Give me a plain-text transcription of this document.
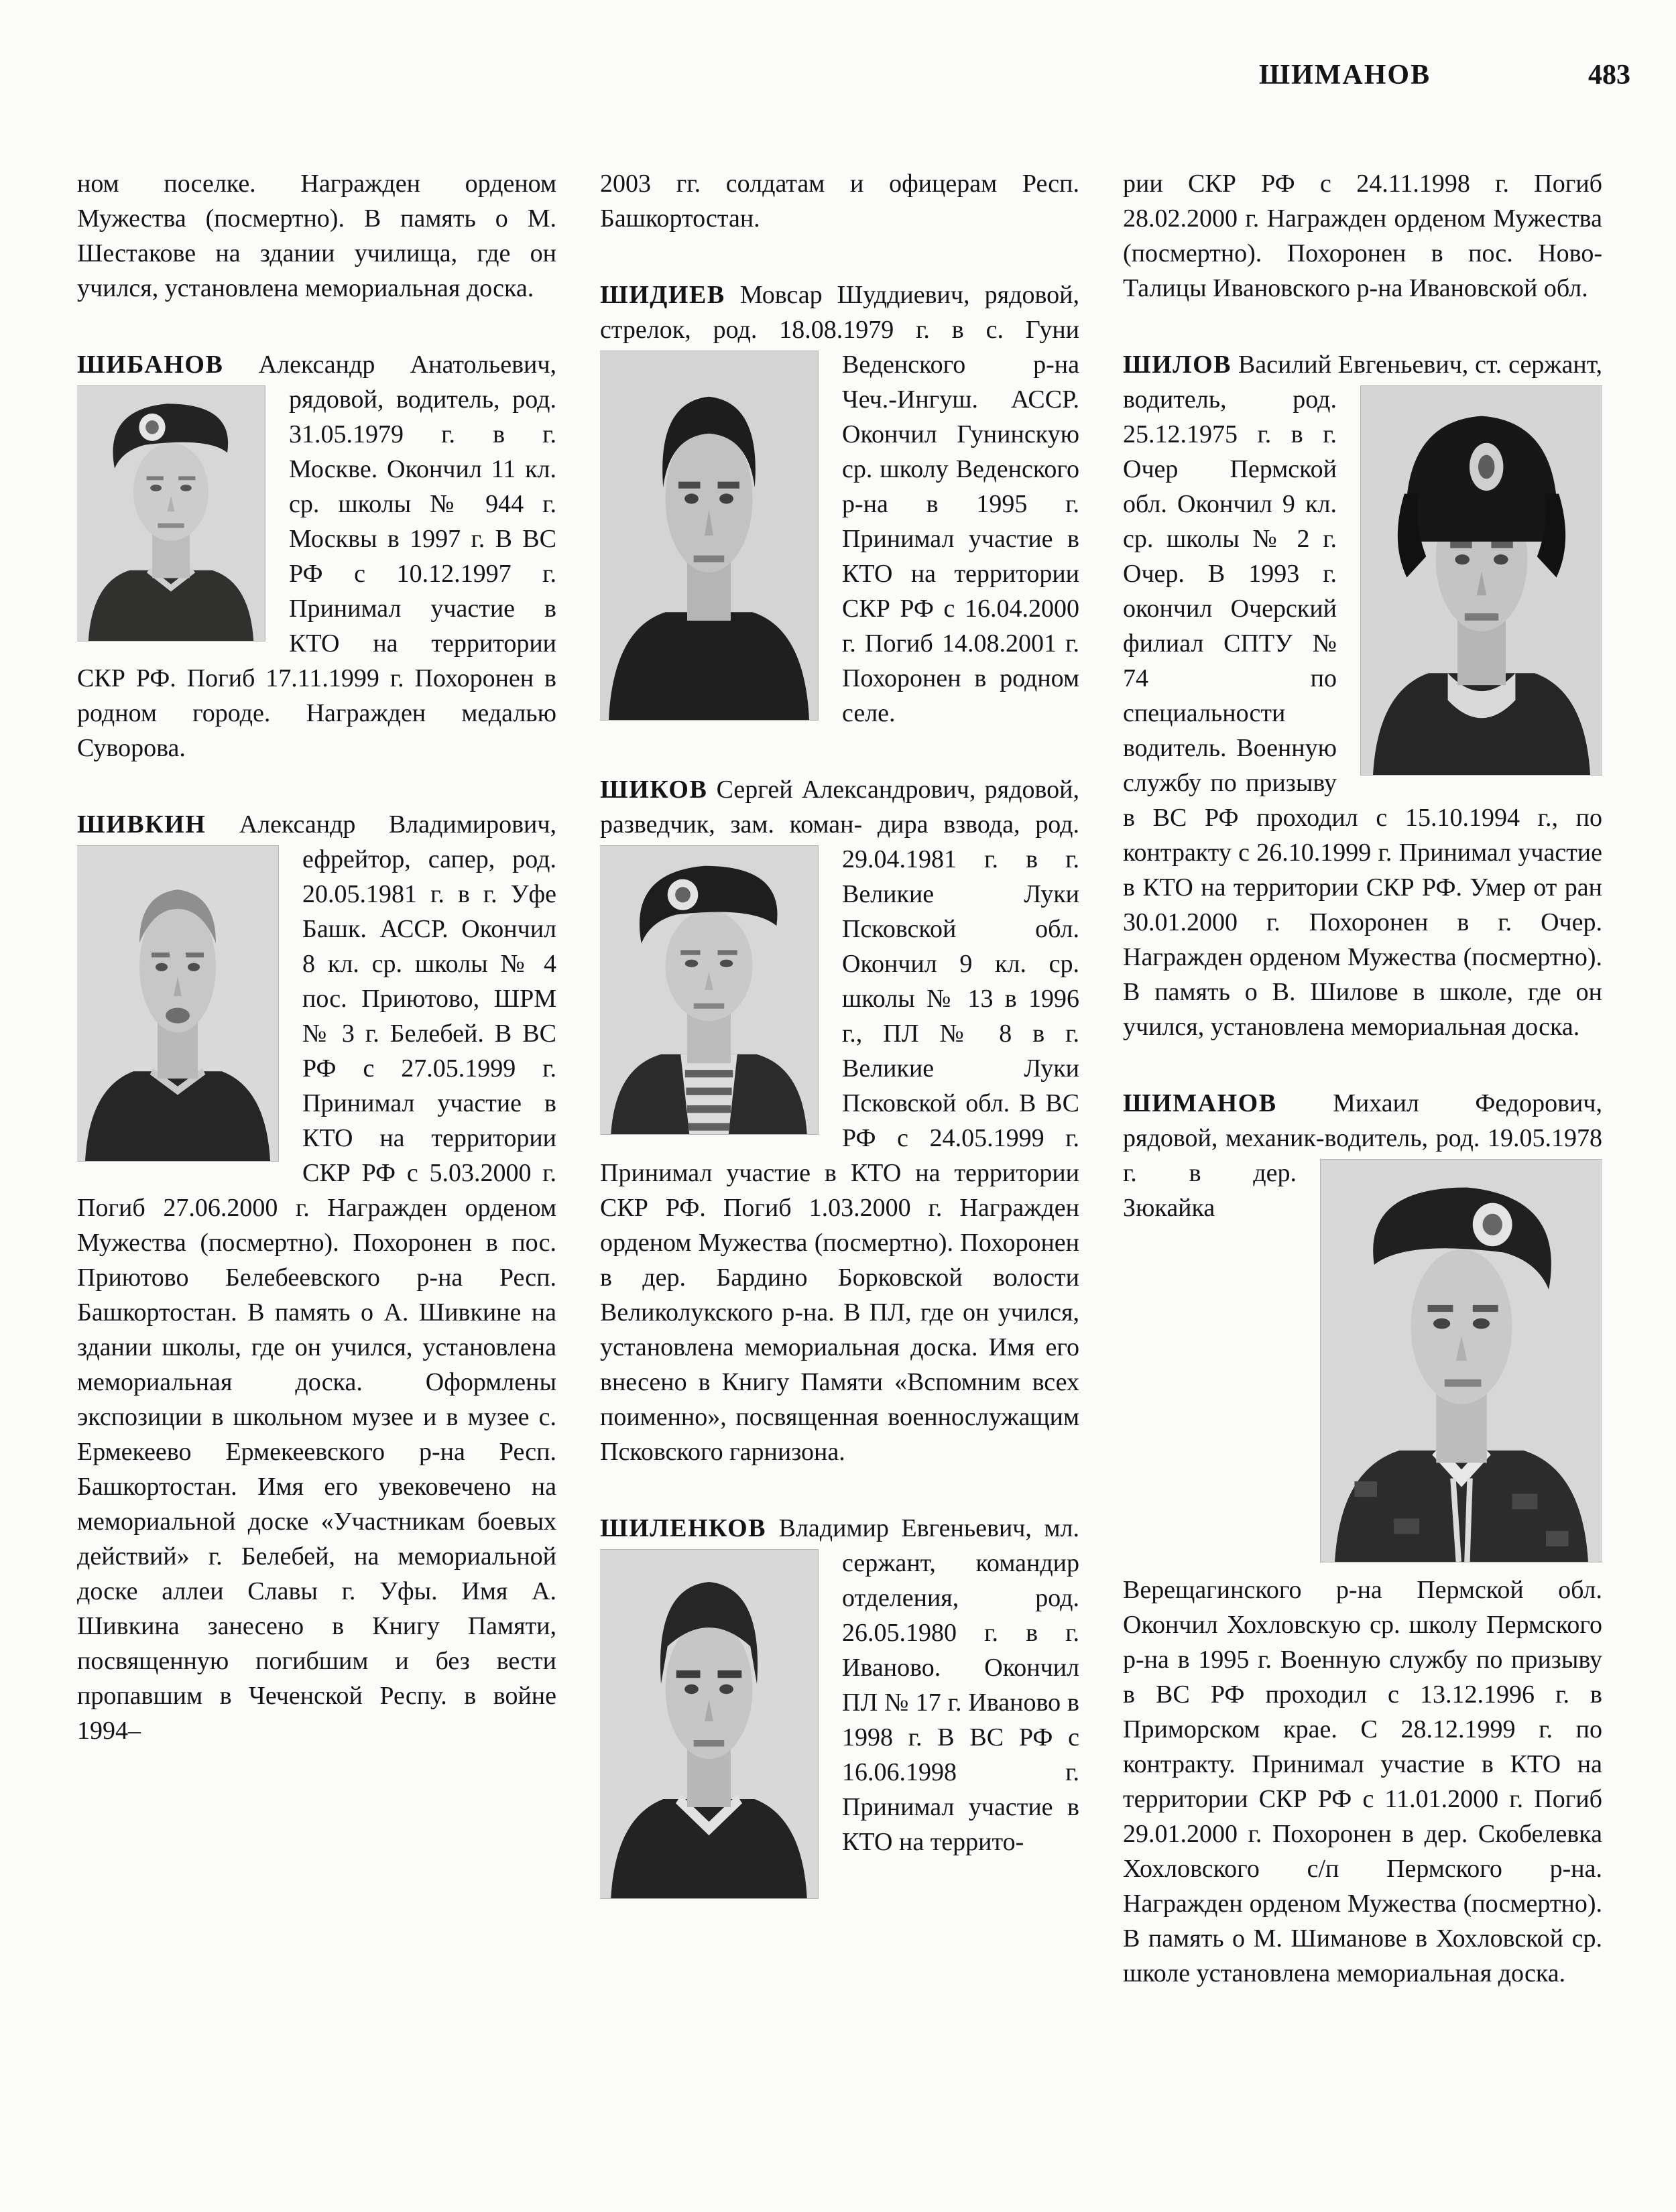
ШИМАНОВ	483

ном поселке. Награжден орденом Мужества (посмертно). В память о М. Шестакове на здании училища, где он учился, установлена мемориальная доска.

ШИБАНОВ Александр Анатольевич, рядовой, водитель, род.
31.05.1979 г. в г. Москве. Окончил 11 кл. ср. школы № 944 г. Москвы в 1997 г. В ВС РФ с 10.12.1997 г. Принимал участие в КТО на территории СКР РФ. Погиб 17.11.1999 г. Похоронен в родном городе. Награжден медалью Суворова.

ШИВКИН Александр Владимирович, ефрейтор, сапер, род.
20.05.1981 г. в г. Уфе Башк. АССР. Окончил 8 кл. ср. школы № 4 пос. Приютово, ШРМ № 3 г. Белебей. В ВС РФ с 27.05.1999 г. Принимал участие в КТО на территории СКР РФ с 5.03.2000 г. Погиб 27.06.2000 г. Награжден орденом Мужества (посмертно). Похоронен в пос. Приютово Белебеевского р-на Респ. Башкортостан. В память о А. Шивкине на здании школы, где он учился, установлена мемориальная доска. Оформлены экспозиции в школьном музее и в музее с. Ермекеево Ермекеевского р-на Респ. Башкортостан. Имя его увековечено на мемориальной доске «Участникам боевых действий» г. Белебей, на мемориальной доске аллеи Славы г. Уфы. Имя А. Шивкина занесено в Книгу Памяти, посвященную погибшим и без вести пропавшим в Чеченской Респу. в войне 1994–

2003 гг. солдатам и офицерам Респ. Башкортостан.

ШИДИЕВ Мовсар Шуддиевич, рядовой, стрелок, род. 18.08.1979 г. в с. Гуни Веденского р-на Чеч.-Ингуш. АССР. Окончил Гунинскую ср. школу Веденского р-на в 1995 г. Принимал участие в КТО на территории СКР РФ с 16.04.2000 г. Погиб 14.08.2001 г. Похоронен в родном селе.

ШИКОВ Сергей Александрович, рядовой, разведчик, зам. коман- дира взвода, род. 29.04.1981 г. в г. Великие Луки Псковской обл. Окончил 9 кл. ср. школы № 13 в 1996 г., ПЛ № 8 в г. Великие Луки Псковской обл. В ВС РФ с 24.05.1999 г. Принимал участие в КТО на территории СКР РФ. Погиб 1.03.2000 г. Награжден орденом Мужества (посмертно). Похоронен в дер. Бардино Борковской волости Великолукского р-на. В ПЛ, где он учился, установлена мемориальная доска. Имя его внесено в Книгу Памяти «Вспомним всех поименно», посвященная военнослужащим Псковского гарнизона.

ШИЛЕНКОВ Владимир Евгеньевич, мл. сержант, командир
отделения, род. 26.05.1980 г. в г. Иваново. Окончил ПЛ № 17 г. Иваново в 1998 г. В ВС РФ с 16.06.1998 г. Принимал участие в КТО на террито-

рии СКР РФ с 24.11.1998 г. Погиб 28.02.2000 г. Награжден орденом Мужества (посмертно). Похоронен в пос. Ново-Талицы Ивановского р-на Ивановской обл.

ШИЛОВ Василий Евгеньевич, ст. сержант, водитель, род.
25.12.1975 г. в г. Очер Пермской обл. Окончил 9 кл. ср. школы № 2 г. Очер. В 1993 г. окончил Очерский филиал СПТУ № 74 по специальности водитель. Военную службу по призыву в ВС РФ проходил с 15.10.1994 г., по контракту с 26.10.1999 г. Принимал участие в КТО на территории СКР РФ. Умер от ран 30.01.2000 г. Похоронен в г. Очер. Награжден орденом Мужества (посмертно). В память о В. Шилове в школе, где он учился, установлена мемориальная доска.

ШИМАНОВ Михаил Федорович, рядовой, механик-водитель, род. 19.05.1978 г. в дер. Зюкайка Верещагинского р-на Пермской обл. Окончил Хохловскую ср. школу Пермского р-на в 1995 г. Военную службу по призыву в ВС РФ проходил с 13.12.1996 г. в Приморском крае. С 28.12.1999 г. по контракту. Принимал участие в КТО на территории СКР РФ с 11.01.2000 г. Погиб 29.01.2000 г. Похоронен в дер. Скобелевка Хохловского с/п Пермского р-на. Награжден орденом Мужества (посмертно). В память о М. Шиманове в Хохловской ср. школе установлена мемориальная доска.
